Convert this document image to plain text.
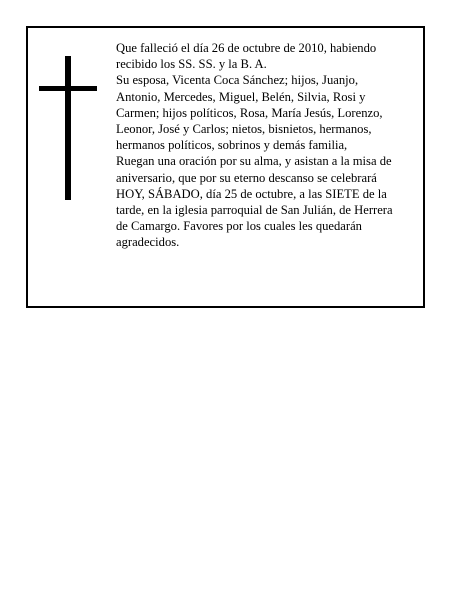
Que falleció el día 26 de octubre de 2010, habiendo
recibido los SS. SS. y la B. A.
Su esposa, Vicenta Coca Sánchez; hijos, Juanjo,
Antonio, Mercedes, Miguel, Belén, Silvia, Rosi y
Carmen; hijos políticos, Rosa, María Jesús, Lorenzo,
Leonor, José y Carlos; nietos, bisnietos, hermanos,
hermanos políticos, sobrinos y demás familia,
Ruegan una oración por su alma, y asistan a la misa de
aniversario, que por su eterno descanso se celebrará
HOY, SÁBADO, día 25 de octubre, a las SIETE de la
tarde, en la iglesia parroquial de San Julián, de Herrera
de Camargo. Favores por los cuales les quedarán
agradecidos.
